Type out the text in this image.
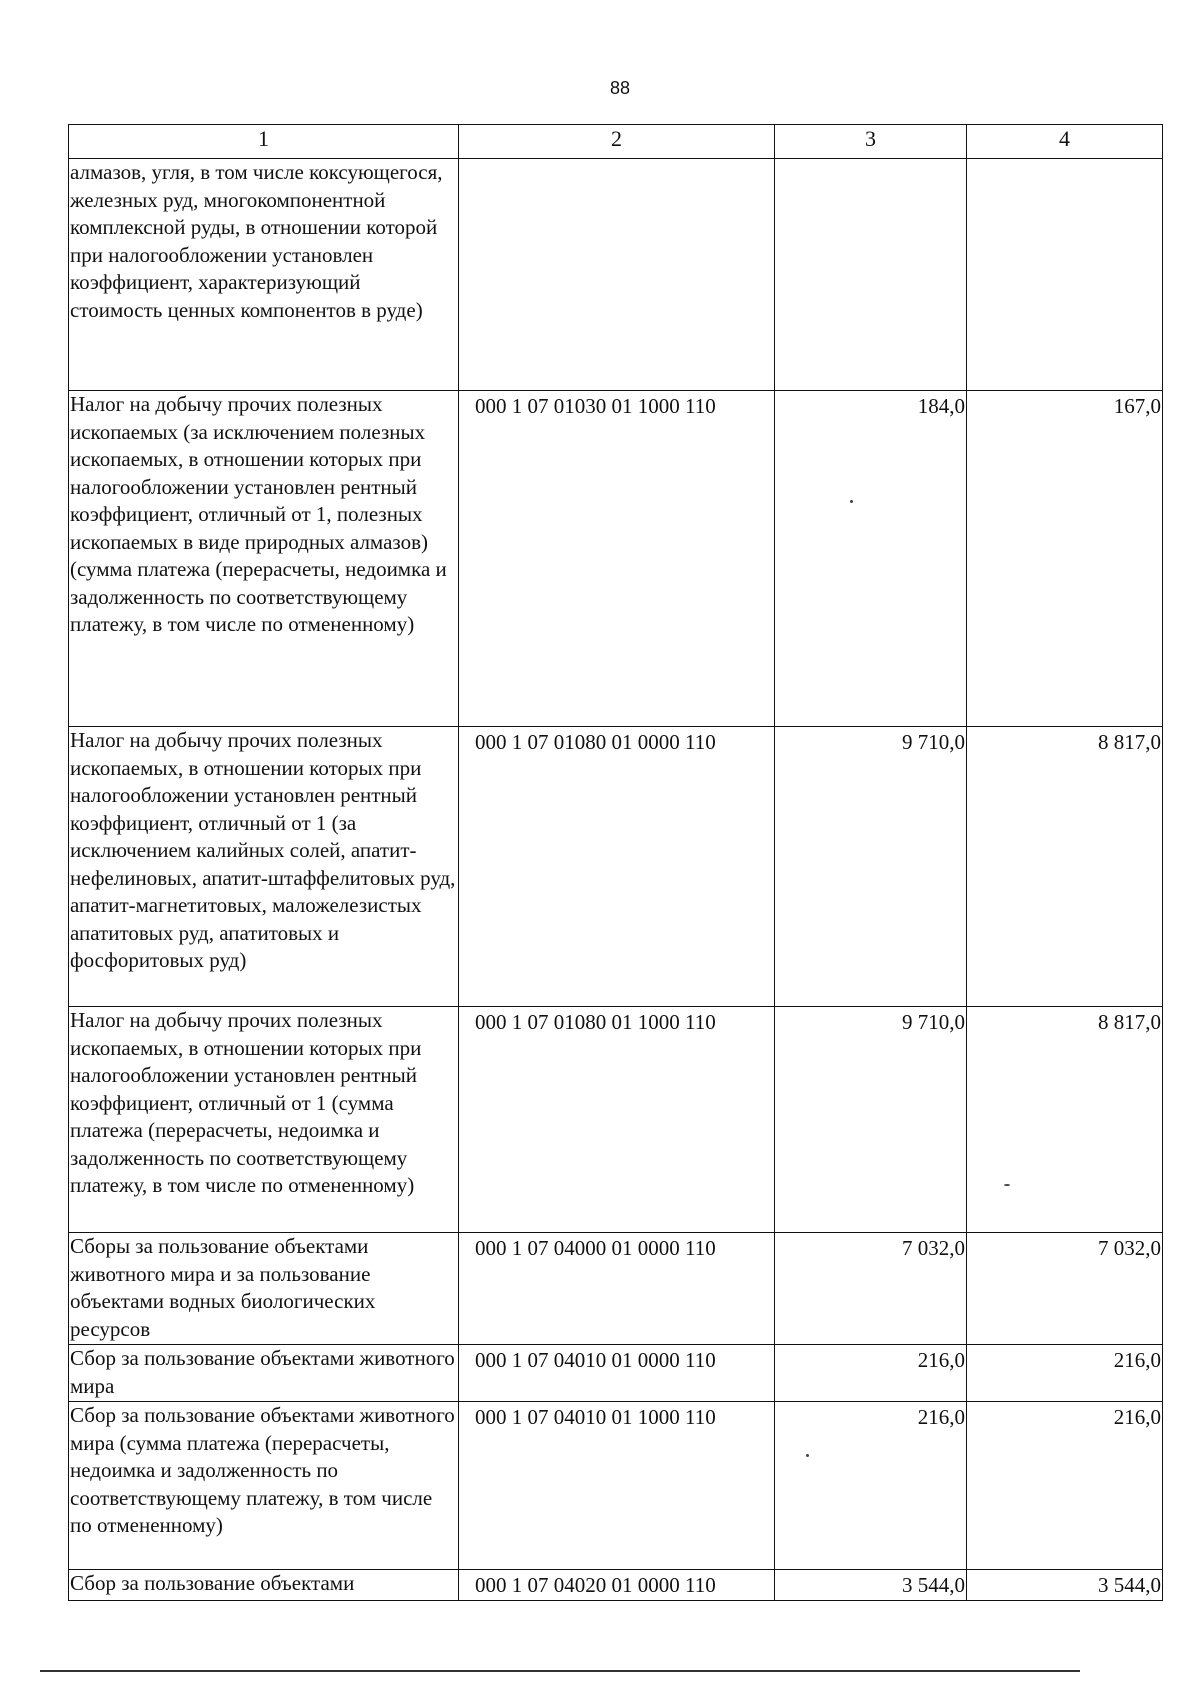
88
1	2	3	4
алмазов, угля, в том числе коксующегося, железных руд, многокомпонентной комплексной руды, в отношении которой при налогообложении установлен коэффициент, характеризующий стоимость ценных компонентов в руде)			
Налог на добычу прочих полезных ископаемых (за исключением полезных ископаемых, в отношении которых при налогообложении установлен рентный коэффициент, отличный от 1, полезных ископаемых в виде природных алмазов) (сумма платежа (перерасчеты, недоимка и задолженность по соответствующему платежу, в том числе по отмененному)	000 1 07 01030 01 1000 110	184,0	167,0
Налог на добычу прочих полезных ископаемых, в отношении которых при налогообложении установлен рентный коэффициент, отличный от 1 (за исключением калийных солей, апатит-нефелиновых, апатит-штаффелитовых руд, апатит-магнетитовых, маложелезистых апатитовых руд, апатитовых и фосфоритовых руд)	000 1 07 01080 01 0000 110	9 710,0	8 817,0
Налог на добычу прочих полезных ископаемых, в отношении которых при налогообложении установлен рентный коэффициент, отличный от 1 (сумма платежа (перерасчеты, недоимка и задолженность по соответствующему платежу, в том числе по отмененному)	000 1 07 01080 01 1000 110	9 710,0	8 817,0
Сборы за пользование объектами животного мира и за пользование объектами водных биологических ресурсов	000 1 07 04000 01 0000 110	7 032,0	7 032,0
Сбор за пользование объектами животного мира	000 1 07 04010 01 0000 110	216,0	216,0
Сбор за пользование объектами животного мира (сумма платежа (перерасчеты, недоимка и задолженность по соответствующему платежу, в том числе по отмененному)	000 1 07 04010 01 1000 110	216,0	216,0
Сбор за пользование объектами	000 1 07 04020 01 0000 110	3 544,0	3 544,0
